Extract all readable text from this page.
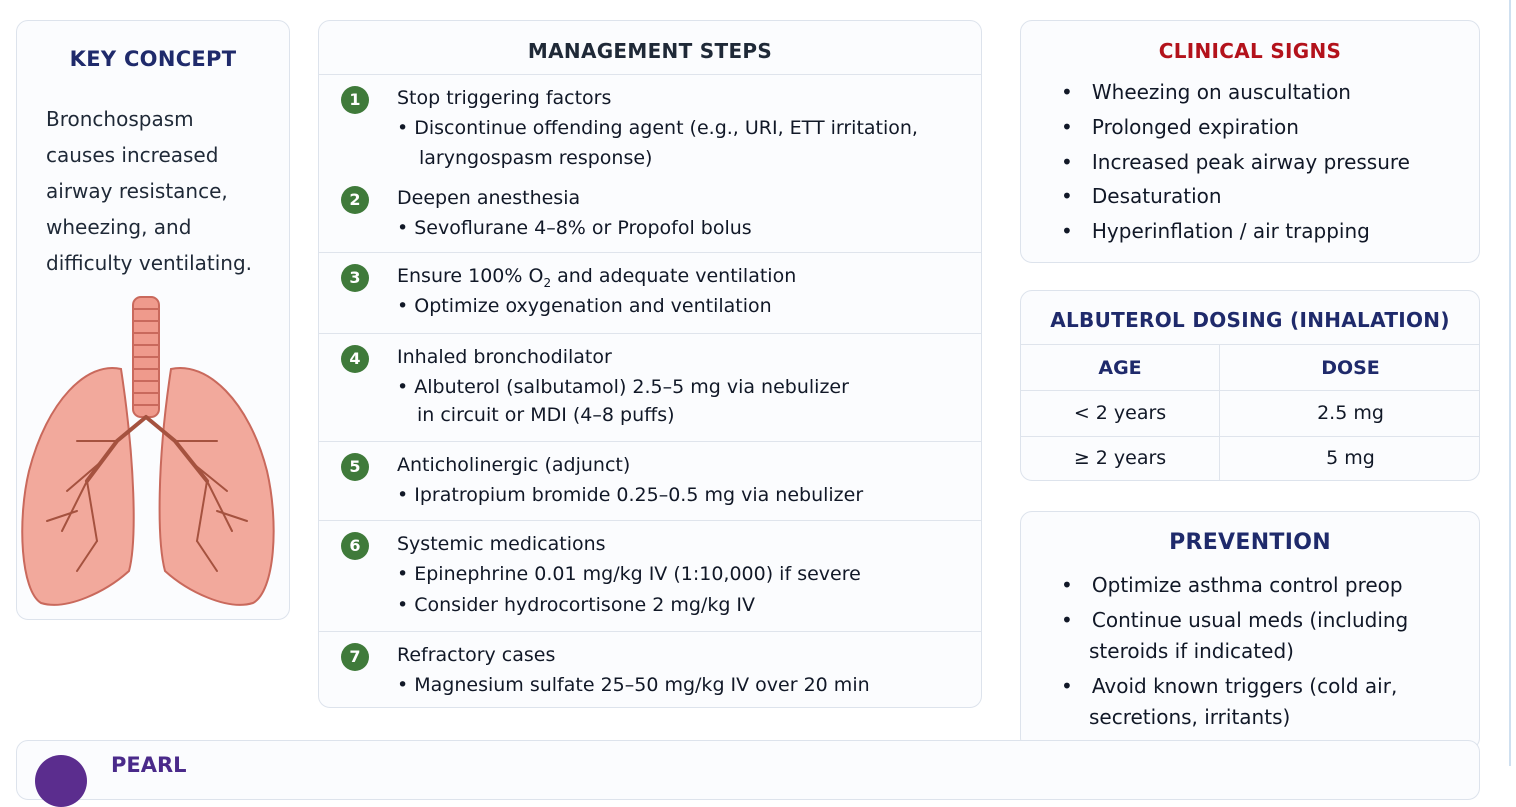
KEY CONCEPT
Bronchospasm
causes increased
airway resistance,
wheezing, and
difficulty ventilating.
MANAGEMENT STEPS
1	Stop triggering factors
• Discontinue offending agent (e.g., URI, ETT irritation,
laryngospasm response)
2	Deepen anesthesia
• Sevoflurane 4–8% or Propofol bolus
3	Ensure 100% $O_2$ and adequate ventilation
• Optimize oxygenation and ventilation
4	Inhaled bronchodilator
• Albuterol (salbutamol) 2.5–5 mg via nebulizer
in circuit or MDI (4–8 puffs)
5	Anticholinergic (adjunct)
• Ipratropium bromide 0.25–0.5 mg via nebulizer
6	Systemic medications
• Epinephrine 0.01 mg/kg IV (1:10,000) if severe
• Consider hydrocortisone 2 mg/kg IV
7	Refractory cases
• Magnesium sulfate 25–50 mg/kg IV over 20 min
CLINICAL SIGNS
•   Wheezing on auscultation
•   Prolonged expiration
•   Increased peak airway pressure
•   Desaturation
•   Hyperinflation / air trapping
ALBUTEROL DOSING (INHALATION)
AGE	DOSE
< 2 years	2.5 mg
≥ 2 years	5 mg
PREVENTION
•   Optimize asthma control preop
•   Continue usual meds (including
steroids if indicated)
•   Avoid known triggers (cold air,
secretions, irritants)
PEARL
